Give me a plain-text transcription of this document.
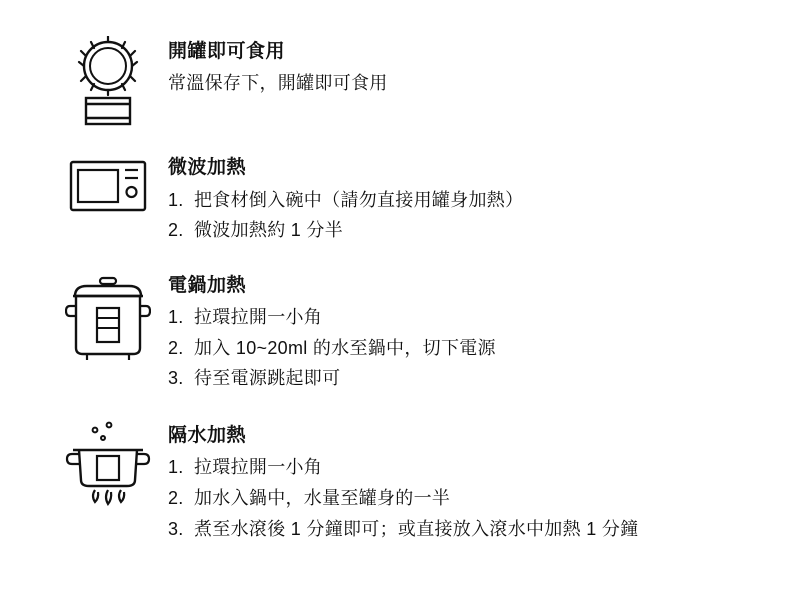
開罐即可食用

常溫保存下，開罐即可食用

微波加熱

1. 把食材倒入碗中（請勿直接用罐身加熱）
2. 微波加熱約 1 分半

電鍋加熱

1. 拉環拉開一小角
2. 加入 10~20ml 的水至鍋中，切下電源
3. 待至電源跳起即可

隔水加熱

1. 拉環拉開一小角
2. 加水入鍋中，水量至罐身的一半
3. 煮至水滾後 1 分鐘即可；或直接放入滾水中加熱 1 分鐘
